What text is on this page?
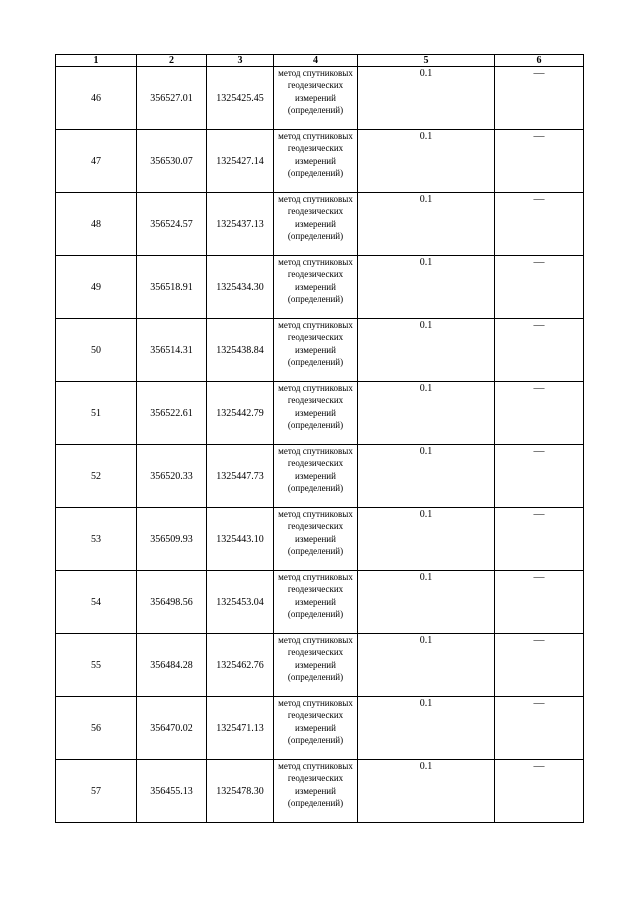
1	2	3	4	5	6
46	356527.01	1325425.45	метод спутниковых геодезических измерений (определений)	0.1	—
47	356530.07	1325427.14	метод спутниковых геодезических измерений (определений)	0.1	—
48	356524.57	1325437.13	метод спутниковых геодезических измерений (определений)	0.1	—
49	356518.91	1325434.30	метод спутниковых геодезических измерений (определений)	0.1	—
50	356514.31	1325438.84	метод спутниковых геодезических измерений (определений)	0.1	—
51	356522.61	1325442.79	метод спутниковых геодезических измерений (определений)	0.1	—
52	356520.33	1325447.73	метод спутниковых геодезических измерений (определений)	0.1	—
53	356509.93	1325443.10	метод спутниковых геодезических измерений (определений)	0.1	—
54	356498.56	1325453.04	метод спутниковых геодезических измерений (определений)	0.1	—
55	356484.28	1325462.76	метод спутниковых геодезических измерений (определений)	0.1	—
56	356470.02	1325471.13	метод спутниковых геодезических измерений (определений)	0.1	—
57	356455.13	1325478.30	метод спутниковых геодезических измерений (определений)	0.1	—
